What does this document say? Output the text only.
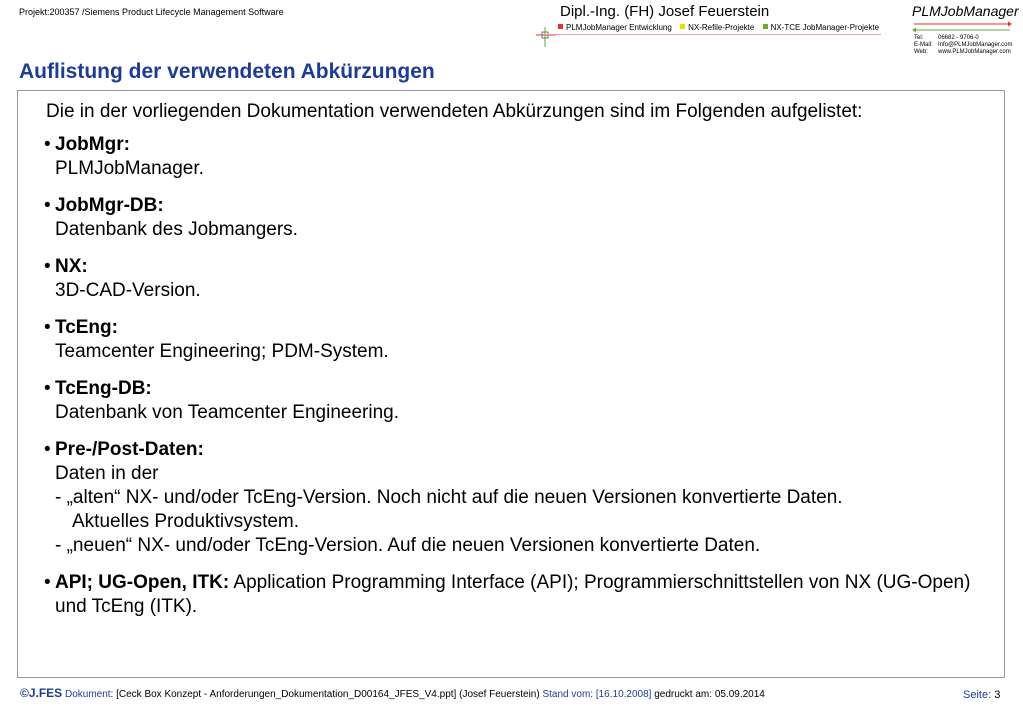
Projekt:200357 /Siemens Product Lifecycle Management Software	Dipl.-Ing. (FH) Josef Feuerstein
PLMJobManager Entwicklung NX-Refile-Projekte NX-TCE JobManager-Projekte
PLMJobManager
Tel: 06682 - 9706-0
E-Mail: Info@PLMJobManager.com
Web: www.PLMJobManager.com
Auflistung der verwendeten Abkürzungen

Die in der vorliegenden Dokumentation verwendeten Abkürzungen sind im Folgenden aufgelistet:

• JobMgr:
PLMJobManager.
• JobMgr-DB:
Datenbank des Jobmangers.
• NX:
3D-CAD-Version.
• TcEng:
Teamcenter Engineering; PDM-System.
• TcEng-DB:
Datenbank von Teamcenter Engineering.
• Pre-/Post-Daten:
Daten in der
- „alten“ NX- und/oder TcEng-Version. Noch nicht auf die neuen Versionen konvertierte Daten.
Aktuelles Produktivsystem.
- „neuen“ NX- und/oder TcEng-Version. Auf die neuen Versionen konvertierte Daten.
• API; UG-Open, ITK: Application Programming Interface (API); Programmierschnittstellen von NX (UG-Open) und TcEng (ITK).
©J.FES Dokument: [Ceck Box Konzept - Anforderungen_Dokumentation_D00164_JFES_V4.ppt] (Josef Feuerstein) Stand vom: [16.10.2008] gedruckt am: 05.09.2014	Seite: 3
